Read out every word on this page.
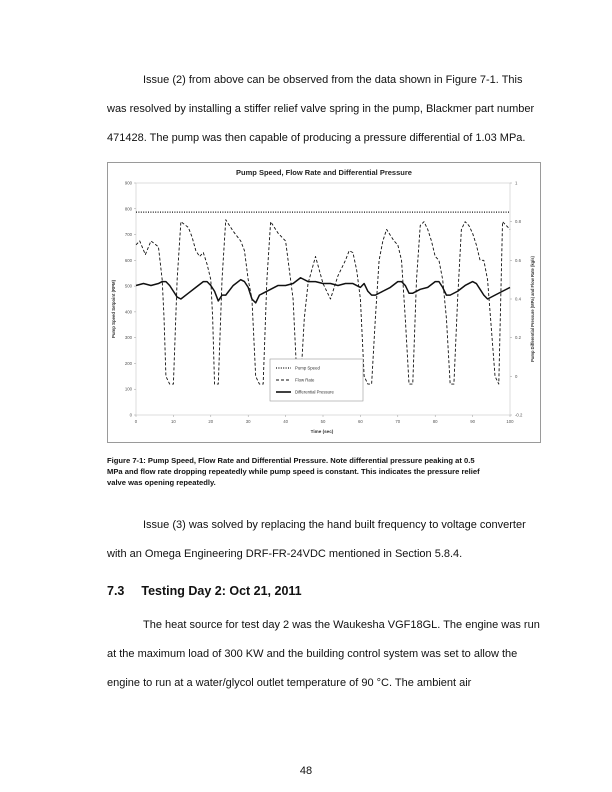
Issue (2) from above can be observed from the data shown in Figure 7-1. This
was resolved by installing a stiffer relief valve spring in the pump, Blackmer part number
471428. The pump was then capable of producing a pressure differential of 1.03 MPa.
Pump Speed, Flow Rate and Differential Pressure
0
100
200
300
400
500
600
700
800
900
-0.2
0
0.2
0.4
0.6
0.8
1
0	10	20	30	40	50	60	70	80	90	100
Time (sec)
Pump Speed Setpoint (RPM)	Pump Differential Pressure (MPa) and Flow Rate (kg/s)
Pump Speed
Flow Rate
Differential Pressure
Figure 7-1: Pump Speed, Flow Rate and Differential Pressure. Note differential pressure peaking at 0.5
MPa and flow rate dropping repeatedly while pump speed is constant. This indicates the pressure relief
valve was opening repeatedly.
Issue (3) was solved by replacing the hand built frequency to voltage converter
with an Omega Engineering DRF-FR-24VDC mentioned in Section 5.8.4.
7.3 Testing Day 2: Oct 21, 2011
The heat source for test day 2 was the Waukesha VGF18GL. The engine was run
at the maximum load of 300 KW and the building control system was set to allow the
engine to run at a water/glycol outlet temperature of 90 °C. The ambient air
48
